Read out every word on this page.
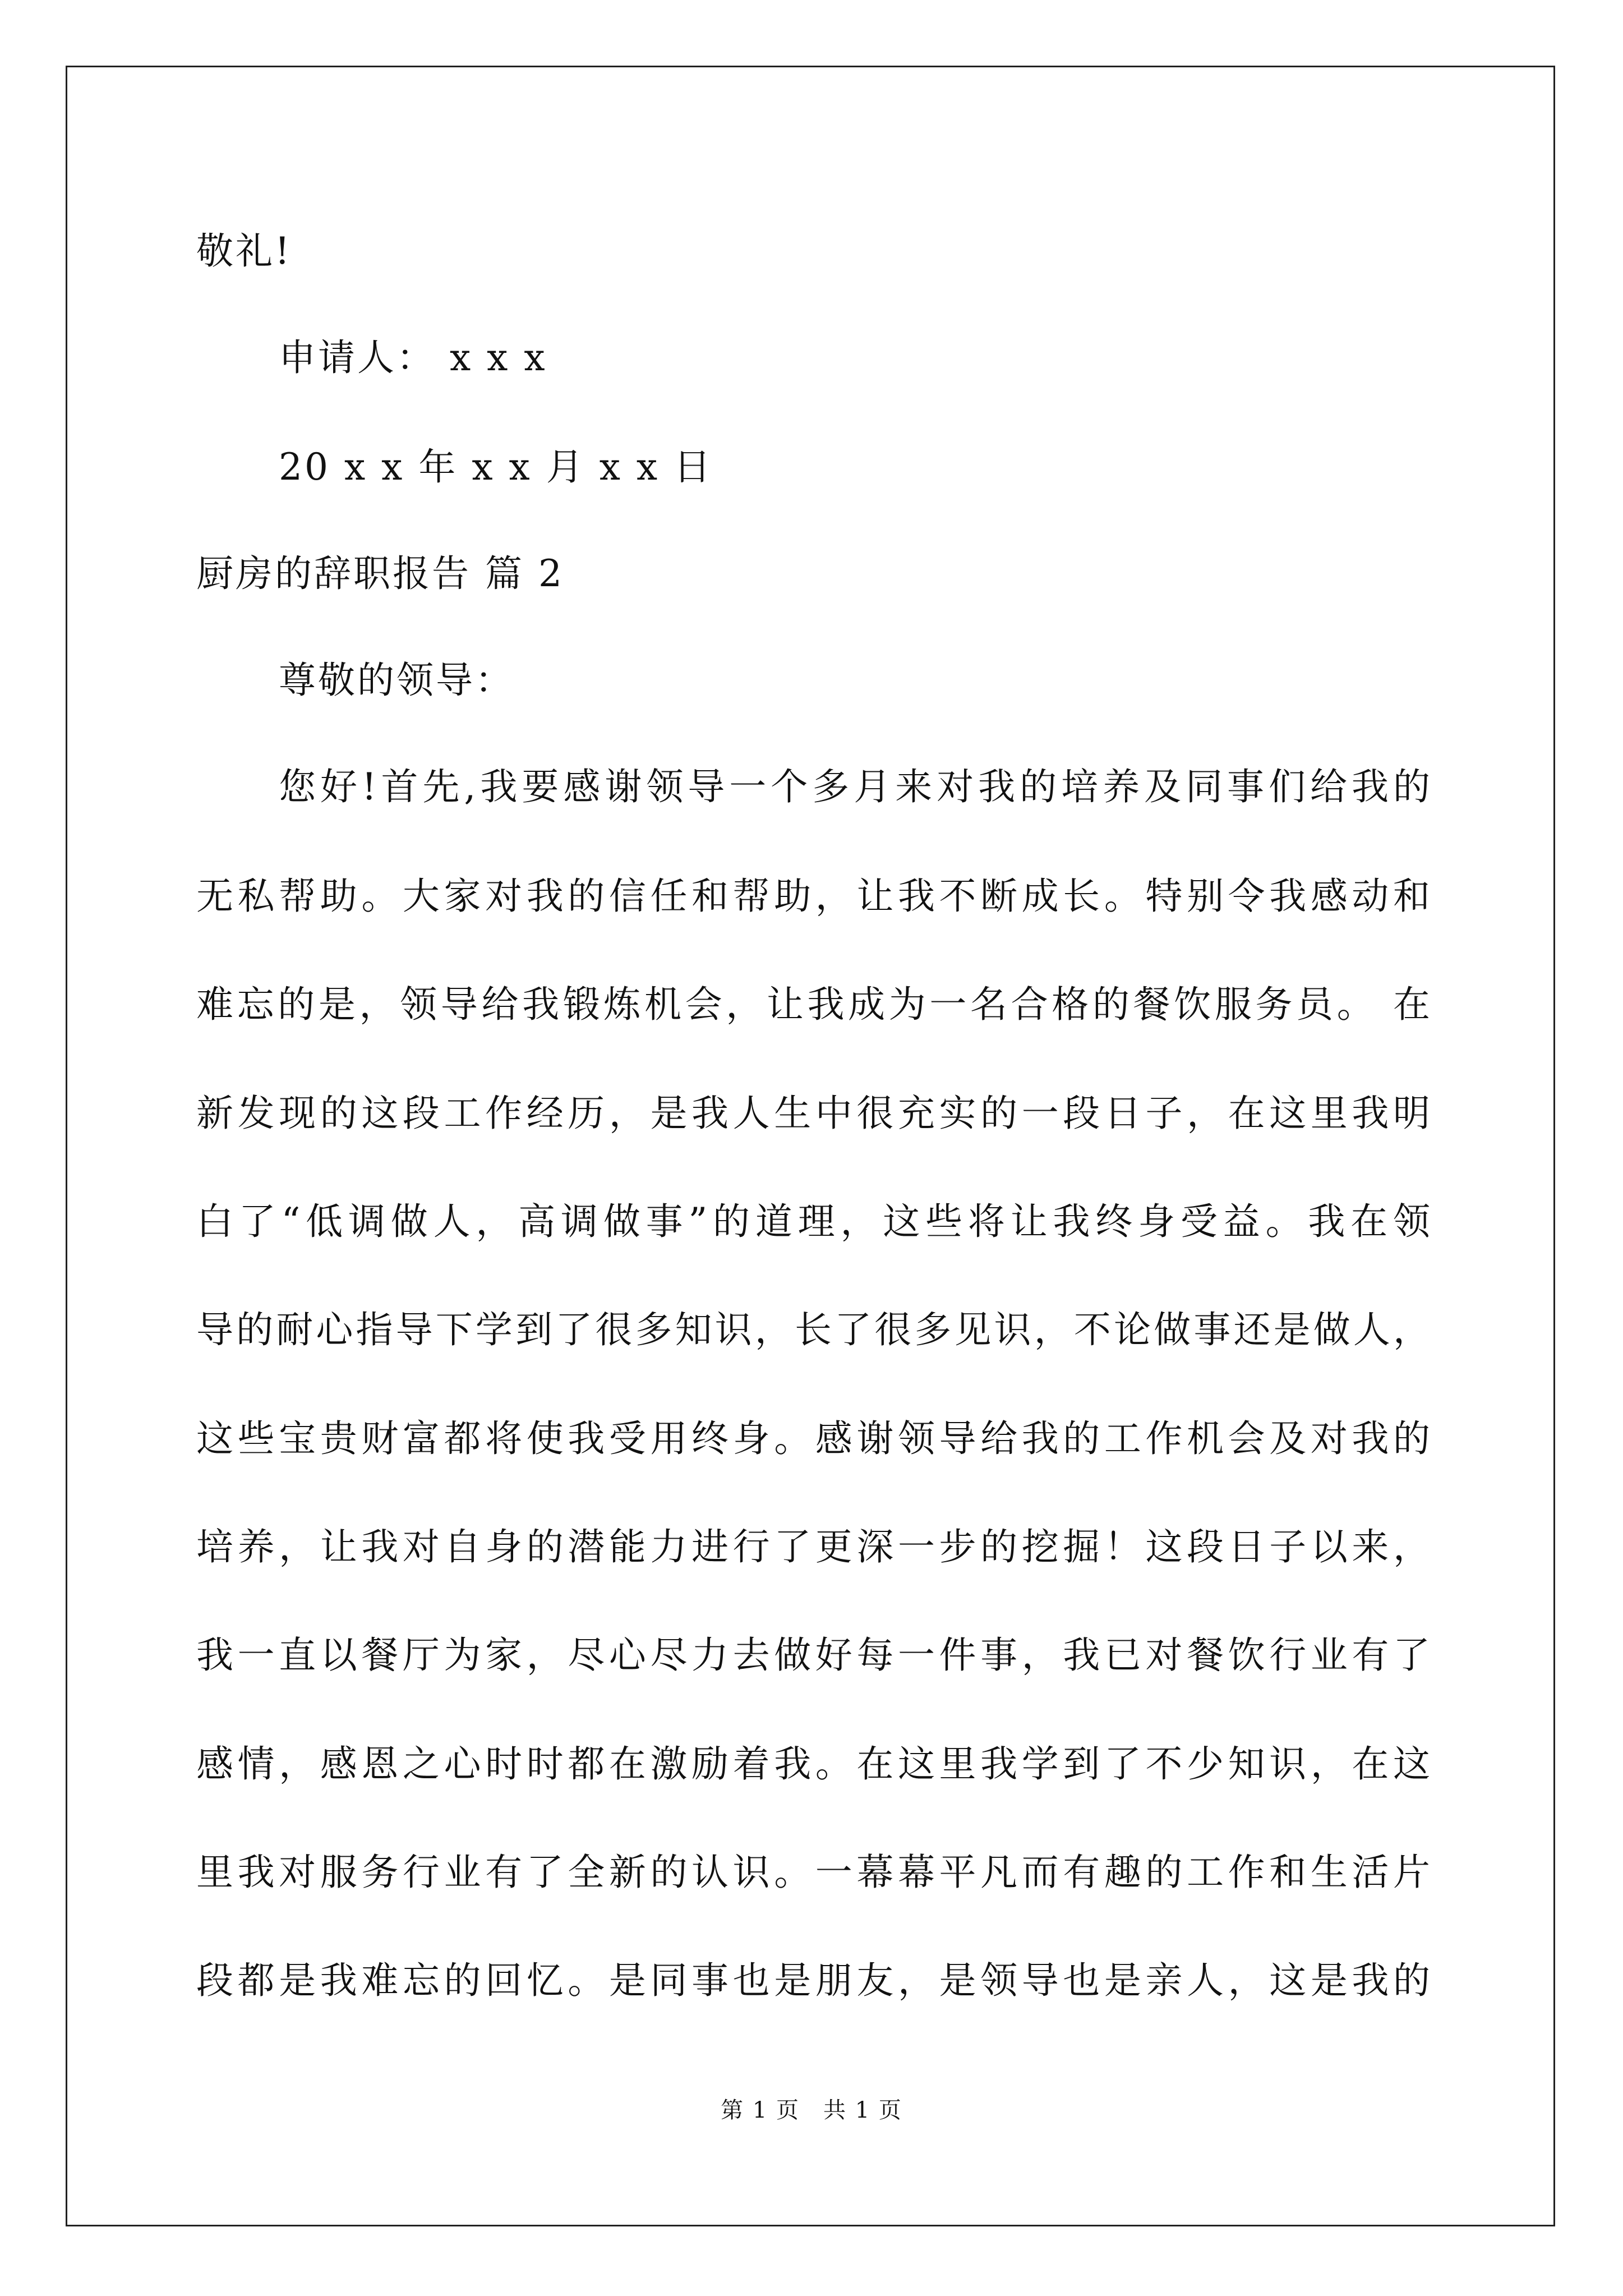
敬礼!
申请人： x x x
20 x x 年 x x 月 x x 日
厨房的辞职报告 篇 2
尊敬的领导：
您好!首先,我要感谢领导一个多月来对我的培养及同事们给我的
无私帮助。大家对我的信任和帮助，让我不断成长。特别令我感动和
难忘的是，领导给我锻炼机会，让我成为一名合格的餐饮服务员。 在
新发现的这段工作经历，是我人生中很充实的一段日子，在这里我明
白了“低调做人，高调做事”的道理，这些将让我终身受益。我在领
导的耐心指导下学到了很多知识，长了很多见识，不论做事还是做人，
这些宝贵财富都将使我受用终身。感谢领导给我的工作机会及对我的
培养，让我对自身的潜能力进行了更深一步的挖掘！这段日子以来，
我一直以餐厅为家，尽心尽力去做好每一件事，我已对餐饮行业有了
感情，感恩之心时时都在激励着我。在这里我学到了不少知识，在这
里我对服务行业有了全新的认识。一幕幕平凡而有趣的工作和生活片
段都是我难忘的回忆。是同事也是朋友，是领导也是亲人，这是我的
第 1 页　共 1 页
